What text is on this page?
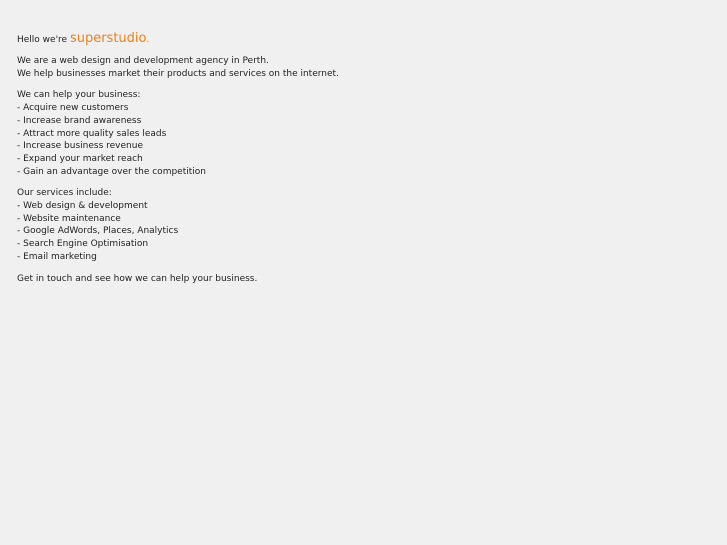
Hello we're superstudio.
We are a web design and development agency in Perth.
We help businesses market their products and services on the internet.
We can help your business:
- Acquire new customers
- Increase brand awareness
- Attract more quality sales leads
- Increase business revenue
- Expand your market reach
- Gain an advantage over the competition
Our services include:
- Web design & development
- Website maintenance
- Google AdWords, Places, Analytics
- Search Engine Optimisation
- Email marketing
Get in touch and see how we can help your business.
